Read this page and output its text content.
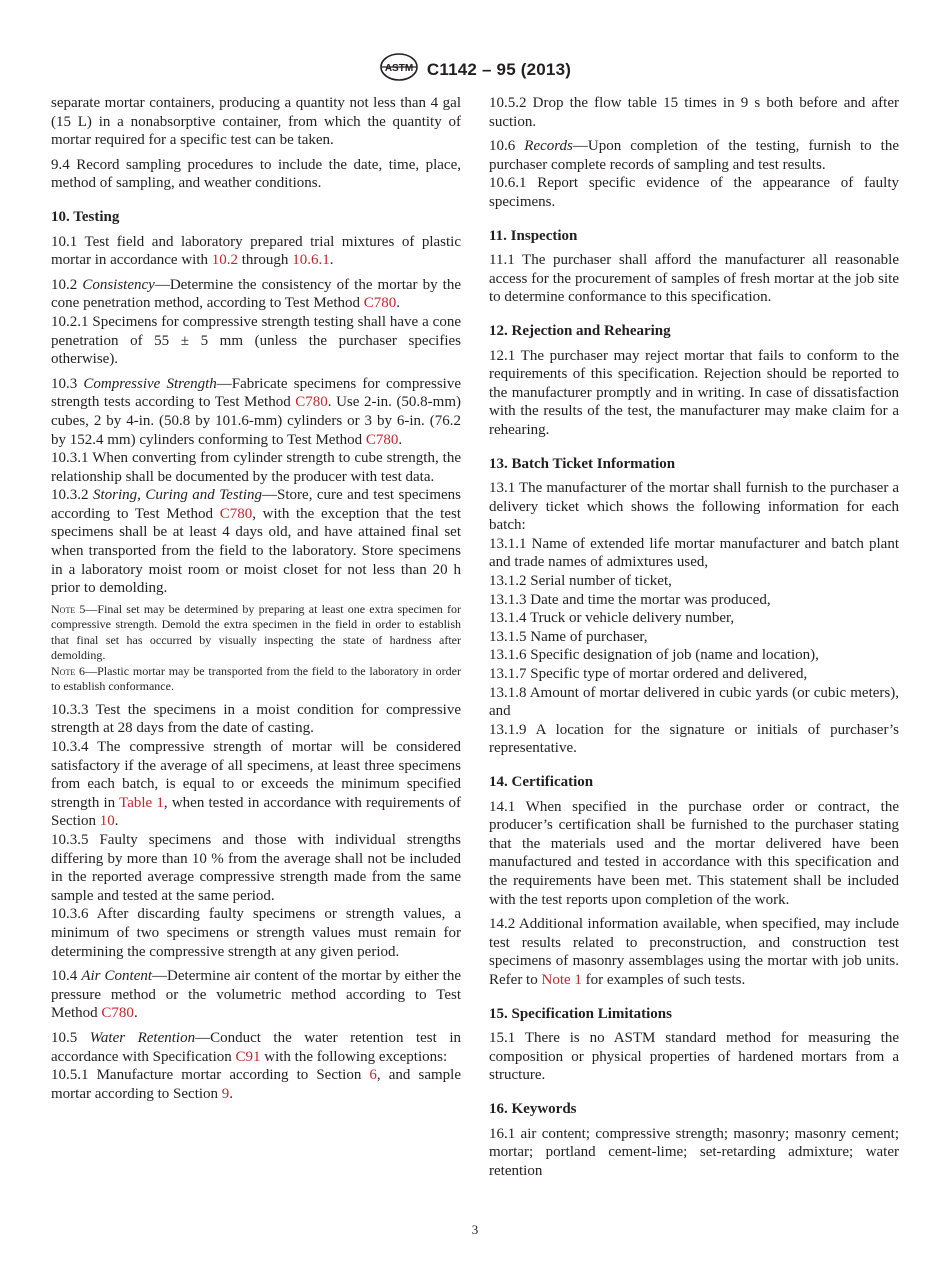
ASTM C1142 – 95 (2013)

separate mortar containers, producing a quantity not less than 4 gal (15 L) in a nonabsorptive container, from which the quantity of mortar required for a specific test can be taken.

9.4 Record sampling procedures to include the date, time, place, method of sampling, and weather conditions.

10. Testing

10.1 Test field and laboratory prepared trial mixtures of plastic mortar in accordance with 10.2 through 10.6.1.

10.2 Consistency—Determine the consistency of the mortar by the cone penetration method, according to Test Method C780.

10.2.1 Specimens for compressive strength testing shall have a cone penetration of 55 ± 5 mm (unless the purchaser specifies otherwise).

10.3 Compressive Strength—Fabricate specimens for compressive strength tests according to Test Method C780. Use 2-in. (50.8-mm) cubes, 2 by 4-in. (50.8 by 101.6-mm) cylinders or 3 by 6-in. (76.2 by 152.4 mm) cylinders conforming to Test Method C780.

10.3.1 When converting from cylinder strength to cube strength, the relationship shall be documented by the producer with test data.

10.3.2 Storing, Curing and Testing—Store, cure and test specimens according to Test Method C780, with the exception that the test specimens shall be at least 4 days old, and have attained final set when transported from the field to the laboratory. Store specimens in a laboratory moist room or moist closet for not less than 20 h prior to demolding.

Note 5—Final set may be determined by preparing at least one extra specimen for compressive strength. Demold the extra specimen in the field in order to establish that final set has occurred by visually inspecting the state of hardness after demolding.

Note 6—Plastic mortar may be transported from the field to the laboratory in order to establish conformance.

10.3.3 Test the specimens in a moist condition for compressive strength at 28 days from the date of casting.

10.3.4 The compressive strength of mortar will be considered satisfactory if the average of all specimens, at least three specimens from each batch, is equal to or exceeds the minimum specified strength in Table 1, when tested in accordance with requirements of Section 10.

10.3.5 Faulty specimens and those with individual strengths differing by more than 10 % from the average shall not be included in the reported average compressive strength made from the same sample and tested at the same period.

10.3.6 After discarding faulty specimens or strength values, a minimum of two specimens or strength values must remain for determining the compressive strength at any given period.

10.4 Air Content—Determine air content of the mortar by either the pressure method or the volumetric method according to Test Method C780.

10.5 Water Retention—Conduct the water retention test in accordance with Specification C91 with the following exceptions:

10.5.1 Manufacture mortar according to Section 6, and sample mortar according to Section 9.

10.5.2 Drop the flow table 15 times in 9 s both before and after suction.

10.6 Records—Upon completion of the testing, furnish to the purchaser complete records of sampling and test results.

10.6.1 Report specific evidence of the appearance of faulty specimens.

11. Inspection

11.1 The purchaser shall afford the manufacturer all reasonable access for the procurement of samples of fresh mortar at the job site to determine conformance to this specification.

12. Rejection and Rehearing

12.1 The purchaser may reject mortar that fails to conform to the requirements of this specification. Rejection should be reported to the manufacturer promptly and in writing. In case of dissatisfaction with the results of the test, the manufacturer may make claim for a rehearing.

13. Batch Ticket Information

13.1 The manufacturer of the mortar shall furnish to the purchaser a delivery ticket which shows the following information for each batch:

13.1.1 Name of extended life mortar manufacturer and batch plant and trade names of admixtures used,

13.1.2 Serial number of ticket,

13.1.3 Date and time the mortar was produced,

13.1.4 Truck or vehicle delivery number,

13.1.5 Name of purchaser,

13.1.6 Specific designation of job (name and location),

13.1.7 Specific type of mortar ordered and delivered,

13.1.8 Amount of mortar delivered in cubic yards (or cubic meters), and

13.1.9 A location for the signature or initials of purchaser’s representative.

14. Certification

14.1 When specified in the purchase order or contract, the producer’s certification shall be furnished to the purchaser stating that the materials used and the mortar delivered have been manufactured and tested in accordance with this specification and the requirements have been met. This statement shall be included with the test reports upon completion of the work.

14.2 Additional information available, when specified, may include test results related to preconstruction, and construction test specimens of masonry assemblages using the mortar with job units. Refer to Note 1 for examples of such tests.

15. Specification Limitations

15.1 There is no ASTM standard method for measuring the composition or physical properties of hardened mortars from a structure.

16. Keywords

16.1 air content; compressive strength; masonry; masonry cement; mortar; portland cement-lime; set-retarding admixture; water retention

3
